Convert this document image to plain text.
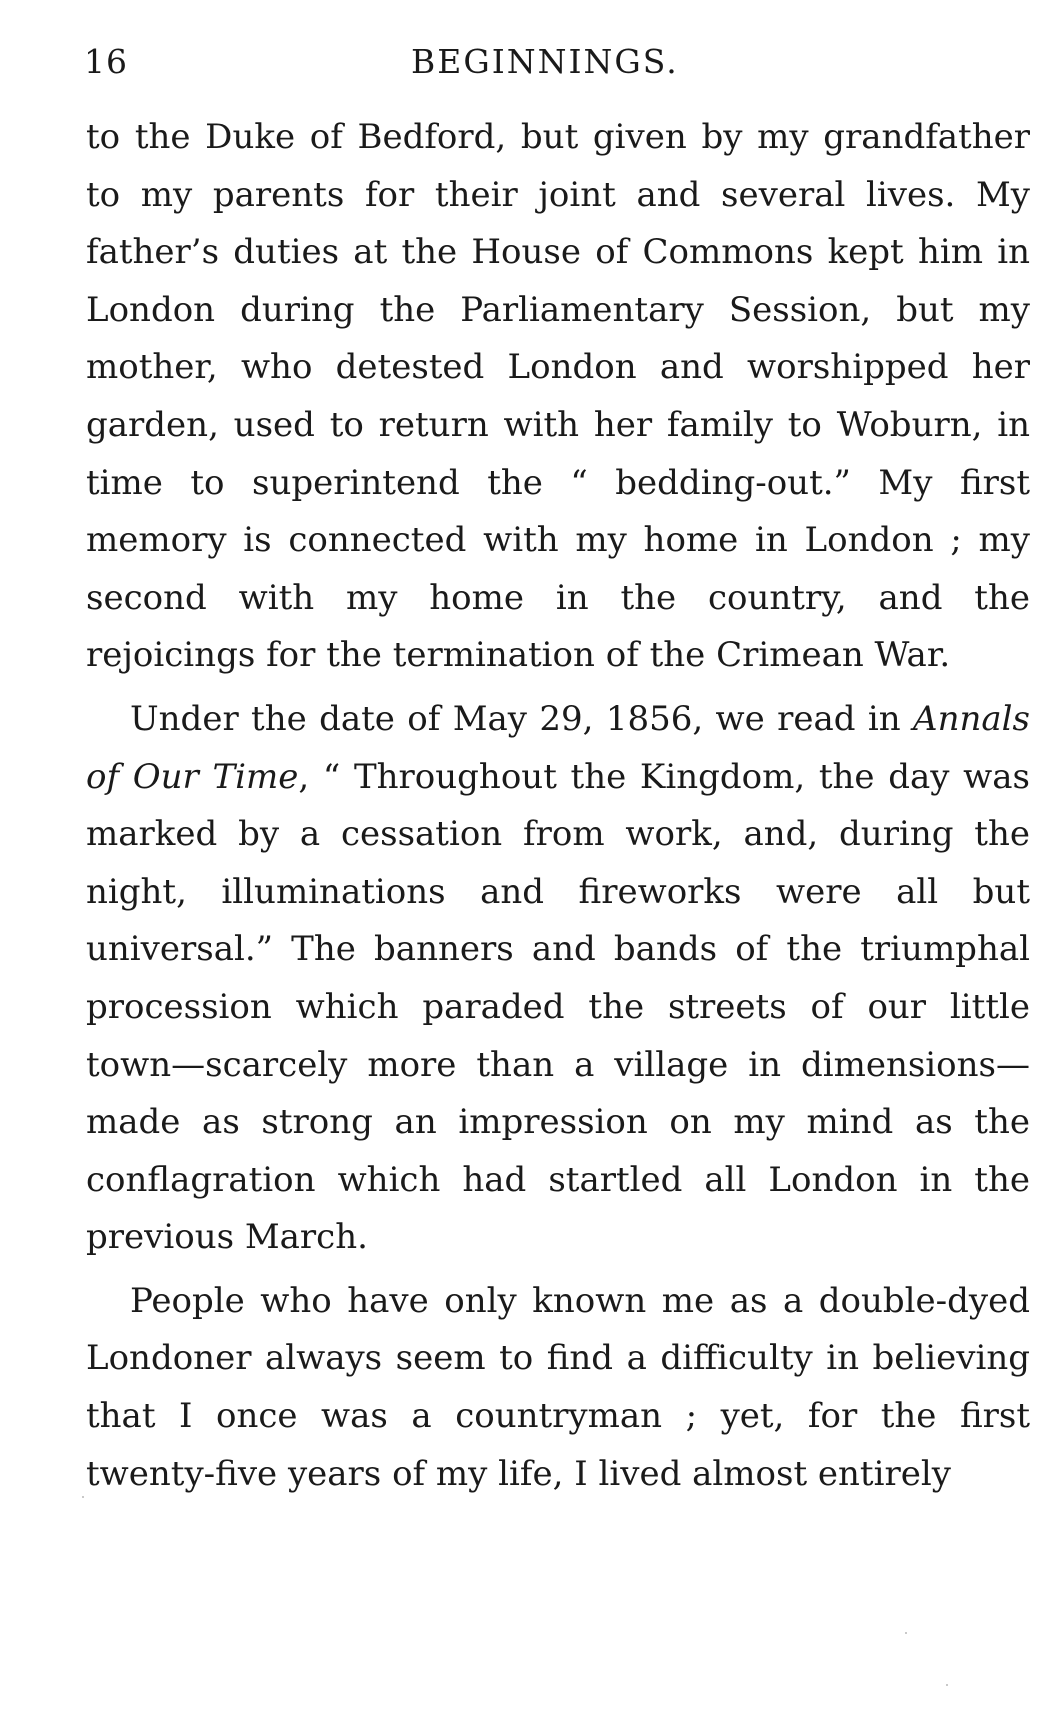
16	BEGINNINGS.

to the Duke of Bedford, but given by my grandfather to my parents for their joint and several lives. My father’s duties at the House of Commons kept him in London during the Parliamentary Session, but my mother, who detested London and worshipped her garden, used to return with her family to Woburn, in time to superintend the “ bedding-out.” My first memory is connected with my home in London ; my second with my home in the country, and the rejoicings for the termination of the Crimean War.

Under the date of May 29, 1856, we read in Annals of Our Time, “ Throughout the Kingdom, the day was marked by a cessation from work, and, during the night, illuminations and fireworks were all but universal.” The banners and bands of the triumphal procession which paraded the streets of our little town—scarcely more than a village in dimensions—made as strong an impression on my mind as the conflagration which had startled all London in the previous March.

People who have only known me as a double-dyed Londoner always seem to find a difficulty in believing that I once was a countryman ; yet, for the first twenty-five years of my life, I lived almost entirely
